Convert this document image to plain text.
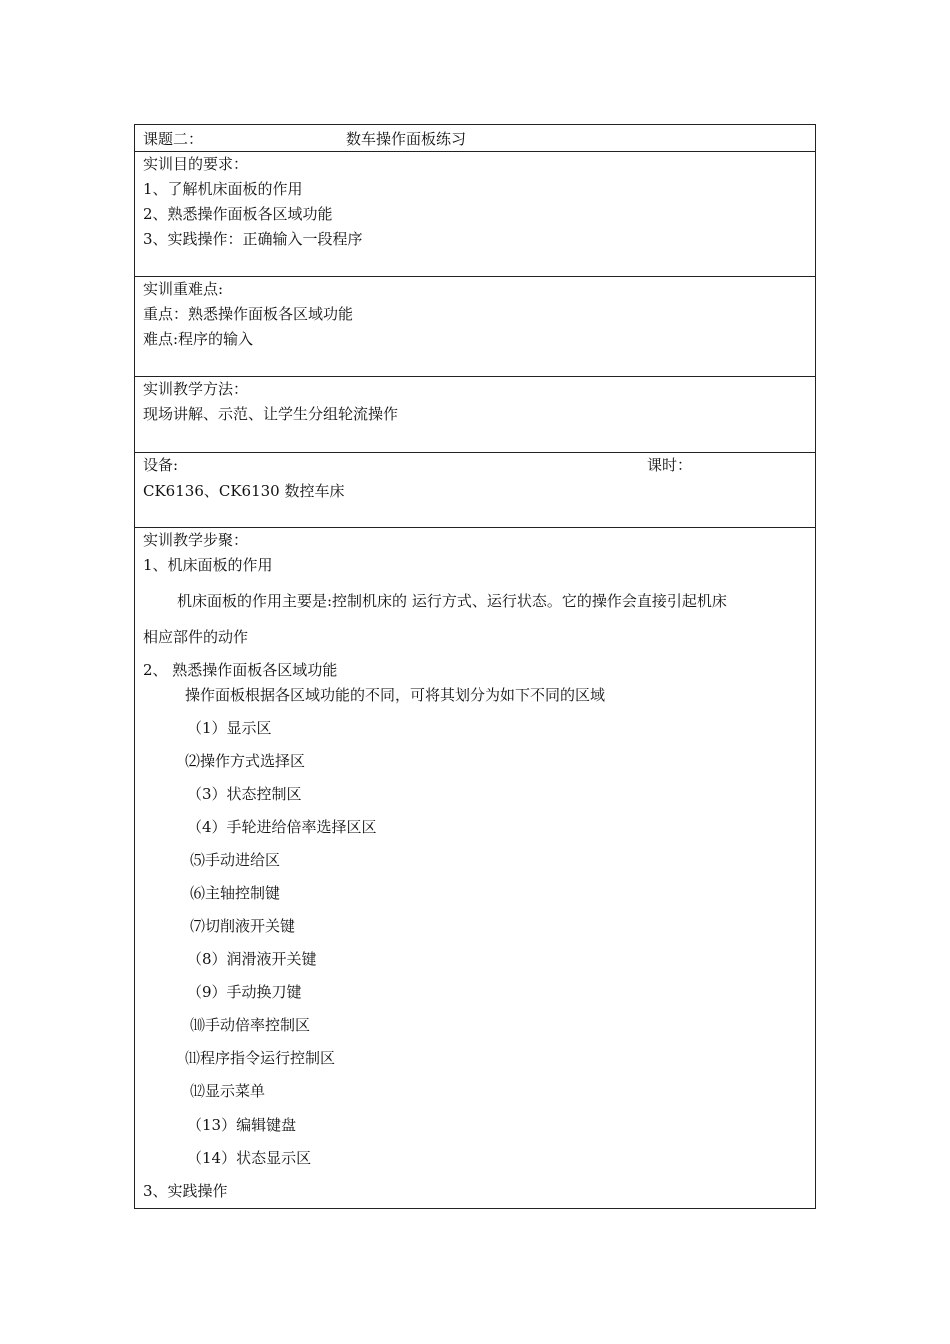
课题二：	数车操作面板练习
实训目的要求：
1、了解机床面板的作用
2、熟悉操作面板各区域功能
3、实践操作：正确输入一段程序
实训重难点:
重点：熟悉操作面板各区域功能
难点:程序的输入
实训教学方法：
现场讲解、示范、让学生分组轮流操作
设备:	课时：
CK6136、CK6130 数控车床
实训教学步聚：
1、机床面板的作用
机床面板的作用主要是:控制机床的 运行方式、运行状态。它的操作会直接引起机床
相应部件的动作
2、 熟悉操作面板各区域功能
操作面板根据各区域功能的不同，可将其划分为如下不同的区域
（1）显示区
⑵操作方式选择区
（3）状态控制区
（4）手轮进给倍率选择区区
⑸手动进给区
⑹主轴控制键
⑺切削液开关键
（8）润滑液开关键
（9）手动换刀键
⑽手动倍率控制区
⑾程序指令运行控制区
⑿显示菜单
（13）编辑键盘
（14）状态显示区
3、实践操作
